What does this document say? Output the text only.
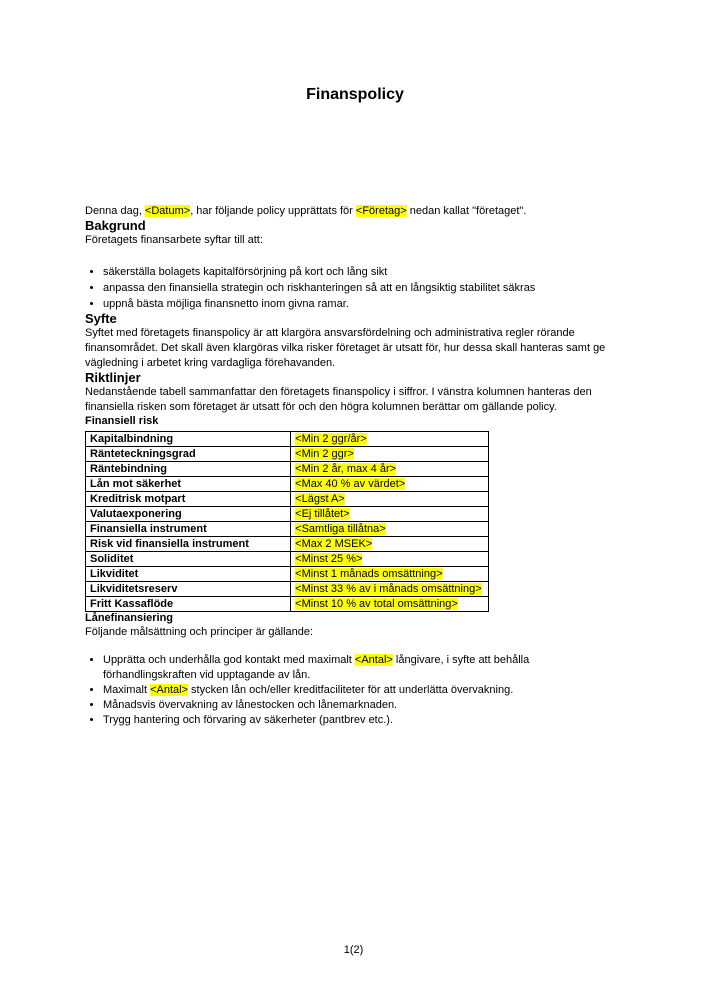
Finanspolicy

Denna dag, <Datum>, har följande policy upprättats för <Företag> nedan kallat "företaget".

Bakgrund

Företagets finansarbete syftar till att:

• säkerställa bolagets kapitalförsörjning på kort och lång sikt
• anpassa den finansiella strategin och riskhanteringen så att en långsiktig stabilitet säkras
• uppnå bästa möjliga finansnetto inom givna ramar.
Syfte

Syftet med företagets finanspolicy är att klargöra ansvarsfördelning och administrativa regler rörande finansområdet. Det skall även klargöras vilka risker företaget är utsatt för, hur dessa skall hanteras samt ge vägledning i arbetet kring vardagliga förehavanden.

Riktlinjer

Nedanstående tabell sammanfattar den företagets finanspolicy i siffror. I vänstra kolumnen hanteras den finansiella risken som företaget är utsatt för och den högra kolumnen berättar om gällande policy.

Finansiell risk
Kapitalbindning	<Min 2 ggr/år>
Ränteteckningsgrad	<Min 2 ggr>
Räntebindning	<Min 2 år, max 4 år>
Lån mot säkerhet	<Max 40 % av värdet>
Kreditrisk motpart	<Lägst A>
Valutaexponering	<Ej tillåtet>
Finansiella instrument	<Samtliga tillåtna>
Risk vid finansiella instrument	<Max 2 MSEK>
Soliditet	<Minst 25 %>
Likviditet	<Minst 1 månads omsättning>
Likviditetsreserv	<Minst 33 % av i månads omsättning>
Fritt Kassaflöde	<Minst 10 % av total omsättning>
Lånefinansiering

Följande målsättning och principer är gällande:

• Upprätta och underhålla god kontakt med maximalt <Antal> långivare, i syfte att behålla förhandlingskraften vid upptagande av lån.
• Maximalt <Antal> stycken lån och/eller kreditfaciliteter för att underlätta övervakning.
• Månadsvis övervakning av lånestocken och lånemarknaden.
• Trygg hantering och förvaring av säkerheter (pantbrev etc.).
1(2)
